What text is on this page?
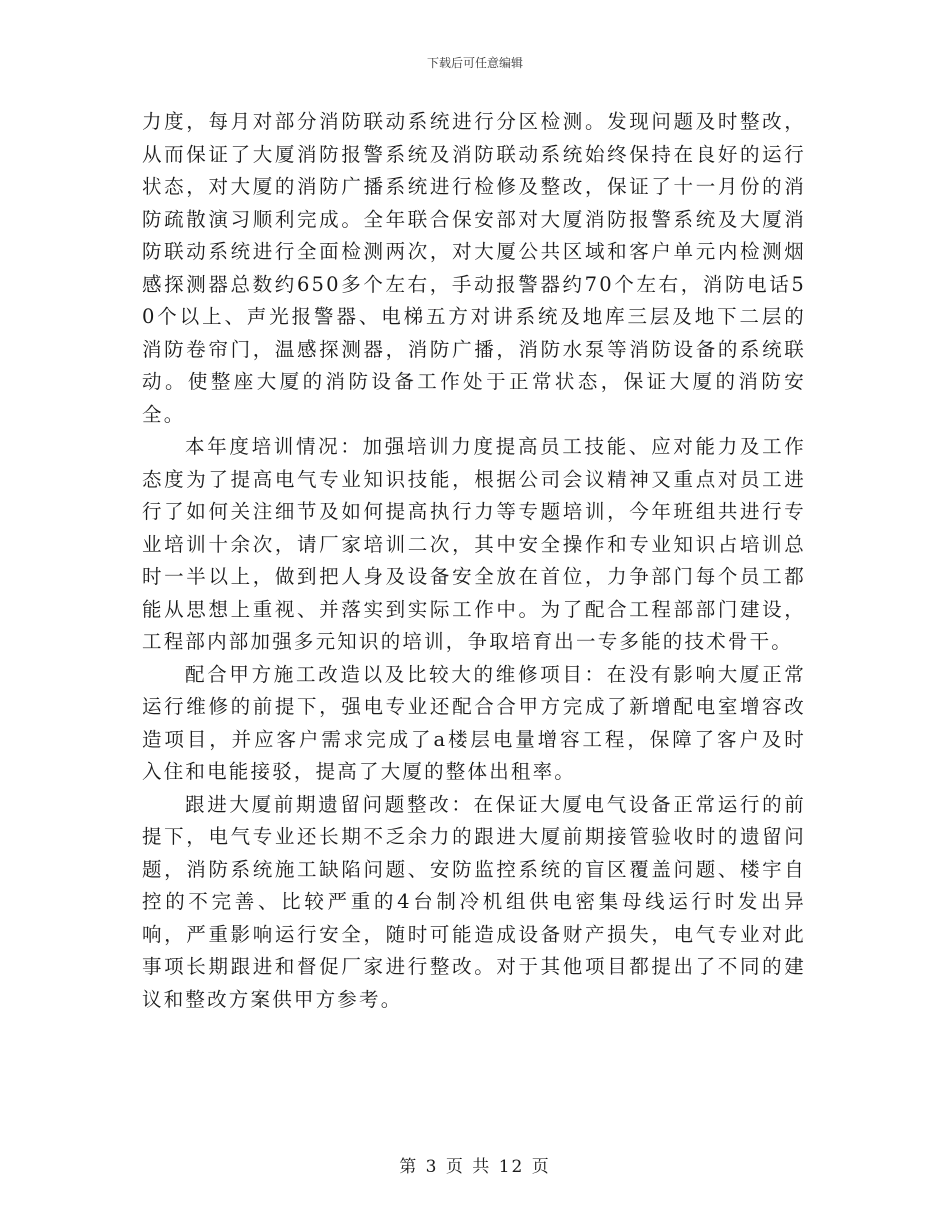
下载后可任意编辑

力度，每月对部分消防联动系统进行分区检测。发现问题及时整改，从而保证了大厦消防报警系统及消防联动系统始终保持在良好的运行状态，对大厦的消防广播系统进行检修及整改，保证了十一月份的消防疏散演习顺利完成。全年联合保安部对大厦消防报警系统及大厦消防联动系统进行全面检测两次，对大厦公共区域和客户单元内检测烟感探测器总数约650多个左右，手动报警器约70个左右，消防电话50个以上、声光报警器、电梯五方对讲系统及地库三层及地下二层的消防卷帘门，温感探测器，消防广播，消防水泵等消防设备的系统联动。使整座大厦的消防设备工作处于正常状态，保证大厦的消防安全。

本年度培训情况：加强培训力度提高员工技能、应对能力及工作态度为了提高电气专业知识技能，根据公司会议精神又重点对员工进行了如何关注细节及如何提高执行力等专题培训，今年班组共进行专业培训十余次，请厂家培训二次，其中安全操作和专业知识占培训总时一半以上，做到把人身及设备安全放在首位，力争部门每个员工都能从思想上重视、并落实到实际工作中。为了配合工程部部门建设，工程部内部加强多元知识的培训，争取培育出一专多能的技术骨干。

配合甲方施工改造以及比较大的维修项目：在没有影响大厦正常运行维修的前提下，强电专业还配合合甲方完成了新增配电室增容改造项目，并应客户需求完成了a楼层电量增容工程，保障了客户及时入住和电能接驳，提高了大厦的整体出租率。

跟进大厦前期遗留问题整改：在保证大厦电气设备正常运行的前提下，电气专业还长期不乏余力的跟进大厦前期接管验收时的遗留问题，消防系统施工缺陷问题、安防监控系统的盲区覆盖问题、楼宇自控的不完善、比较严重的4台制冷机组供电密集母线运行时发出异响，严重影响运行安全，随时可能造成设备财产损失，电气专业对此事项长期跟进和督促厂家进行整改。对于其他项目都提出了不同的建议和整改方案供甲方参考。

第 3 页 共 12 页
